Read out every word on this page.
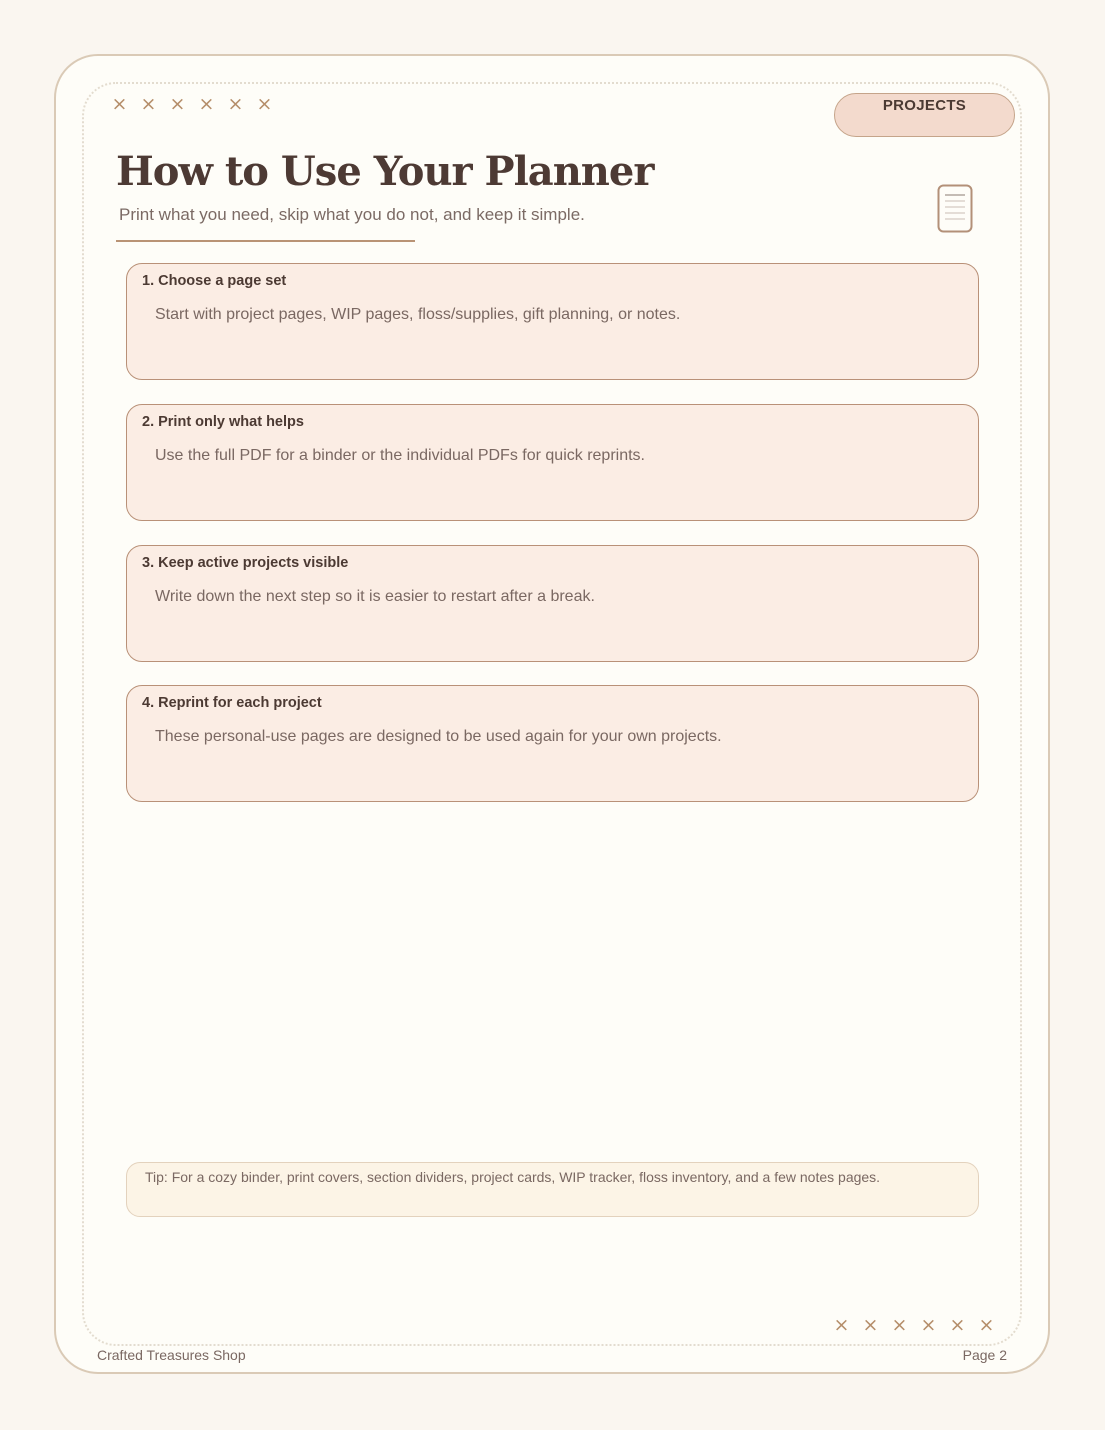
× × × × × ×	PROJECTS
How to Use Your Planner
Print what you need, skip what you do not, and keep it simple.
1. Choose a page set
Start with project pages, WIP pages, floss/supplies, gift planning, or notes.
2. Print only what helps
Use the full PDF for a binder or the individual PDFs for quick reprints.
3. Keep active projects visible
Write down the next step so it is easier to restart after a break.
4. Reprint for each project
These personal-use pages are designed to be used again for your own projects.
Tip: For a cozy binder, print covers, section dividers, project cards, WIP tracker, floss inventory, and a few notes pages.
× × × × × ×
Crafted Treasures Shop	Page 2
